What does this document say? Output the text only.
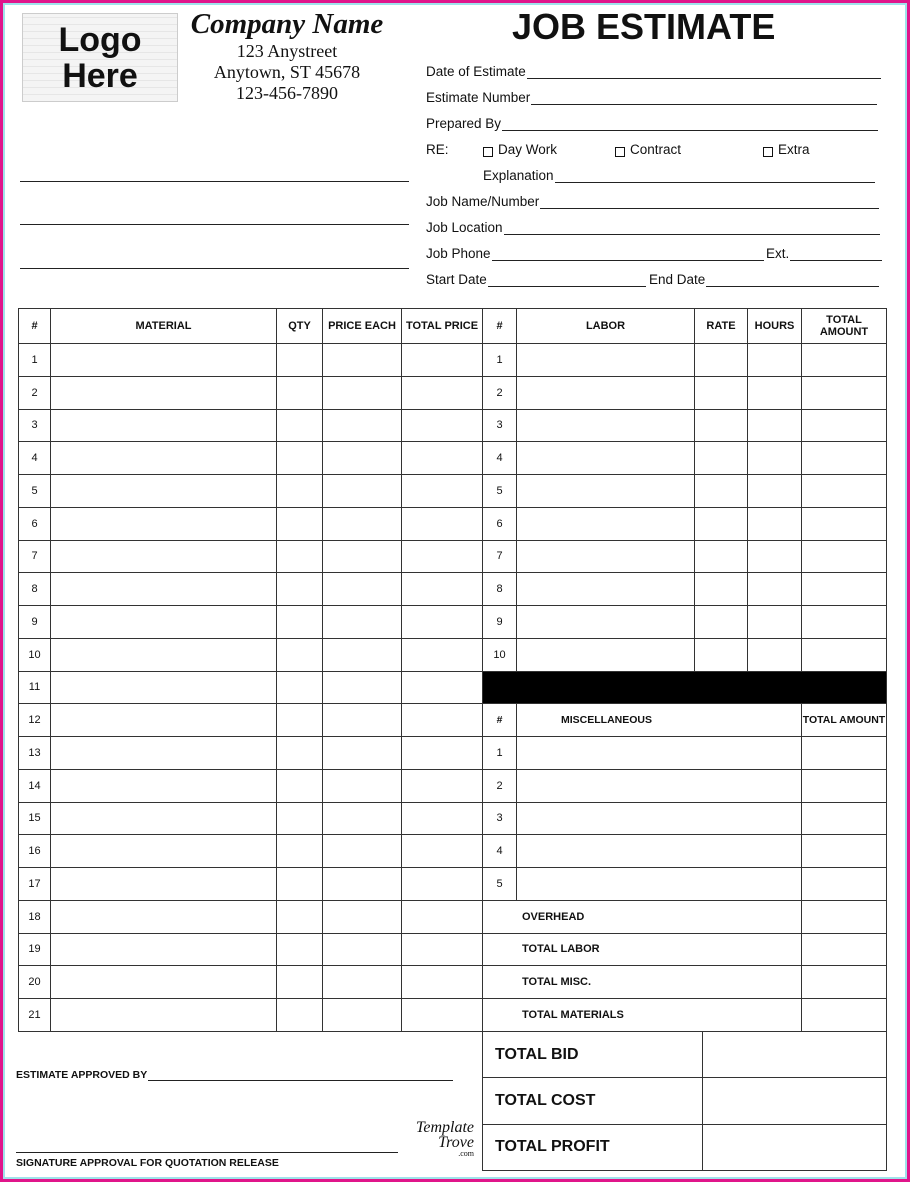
Logo
Here
Company Name
123 Anystreet
Anytown, ST 45678
123-456-7890
JOB ESTIMATE
Date of Estimate
Estimate Number
Prepared By
RE:	Day Work	Contract	Extra
Explanation
Job Name/Number
Job Location
Job Phone	Ext.
Start Date	End Date
#	MATERIAL	QTY	PRICE EACH	TOTAL PRICE
1				
2				
3				
4				
5				
6				
7				
8				
9				
10				
11				
12				
13				
14				
15				
16				
17				
18				
19				
20				
21				
#	LABOR	RATE	HOURS	TOTAL AMOUNT
1				
2				
3				
4				
5				
6				
7				
8				
9				
10				

#	MISCELLANEOUS			TOTAL AMOUNT
1				
2				
3				
4				
5				
OVERHEAD				
TOTAL LABOR				
TOTAL MISC.				
TOTAL MATERIALS				
TOTAL BID	
TOTAL COST	
TOTAL PROFIT	
ESTIMATE APPROVED BY
SIGNATURE APPROVAL FOR QUOTATION RELEASE
Template
Trove
.com
